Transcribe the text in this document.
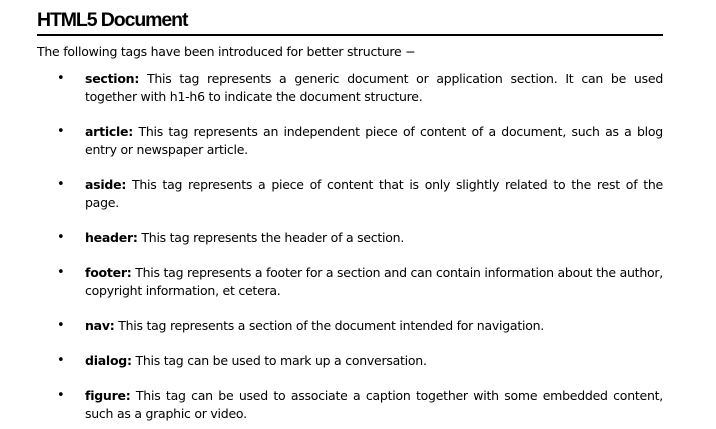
HTML5 Document

The following tags have been introduced for better structure −

• section: This tag represents a generic document or application section. It can be used together with h1-h6 to indicate the document structure.
• article: This tag represents an independent piece of content of a document, such as a blog entry or newspaper article.
• aside: This tag represents a piece of content that is only slightly related to the rest of the page.
• header: This tag represents the header of a section.
• footer: This tag represents a footer for a section and can contain information about the author, copyright information, et cetera.
• nav: This tag represents a section of the document intended for navigation.
• dialog: This tag can be used to mark up a conversation.
• figure: This tag can be used to associate a caption together with some embedded content, such as a graphic or video.
